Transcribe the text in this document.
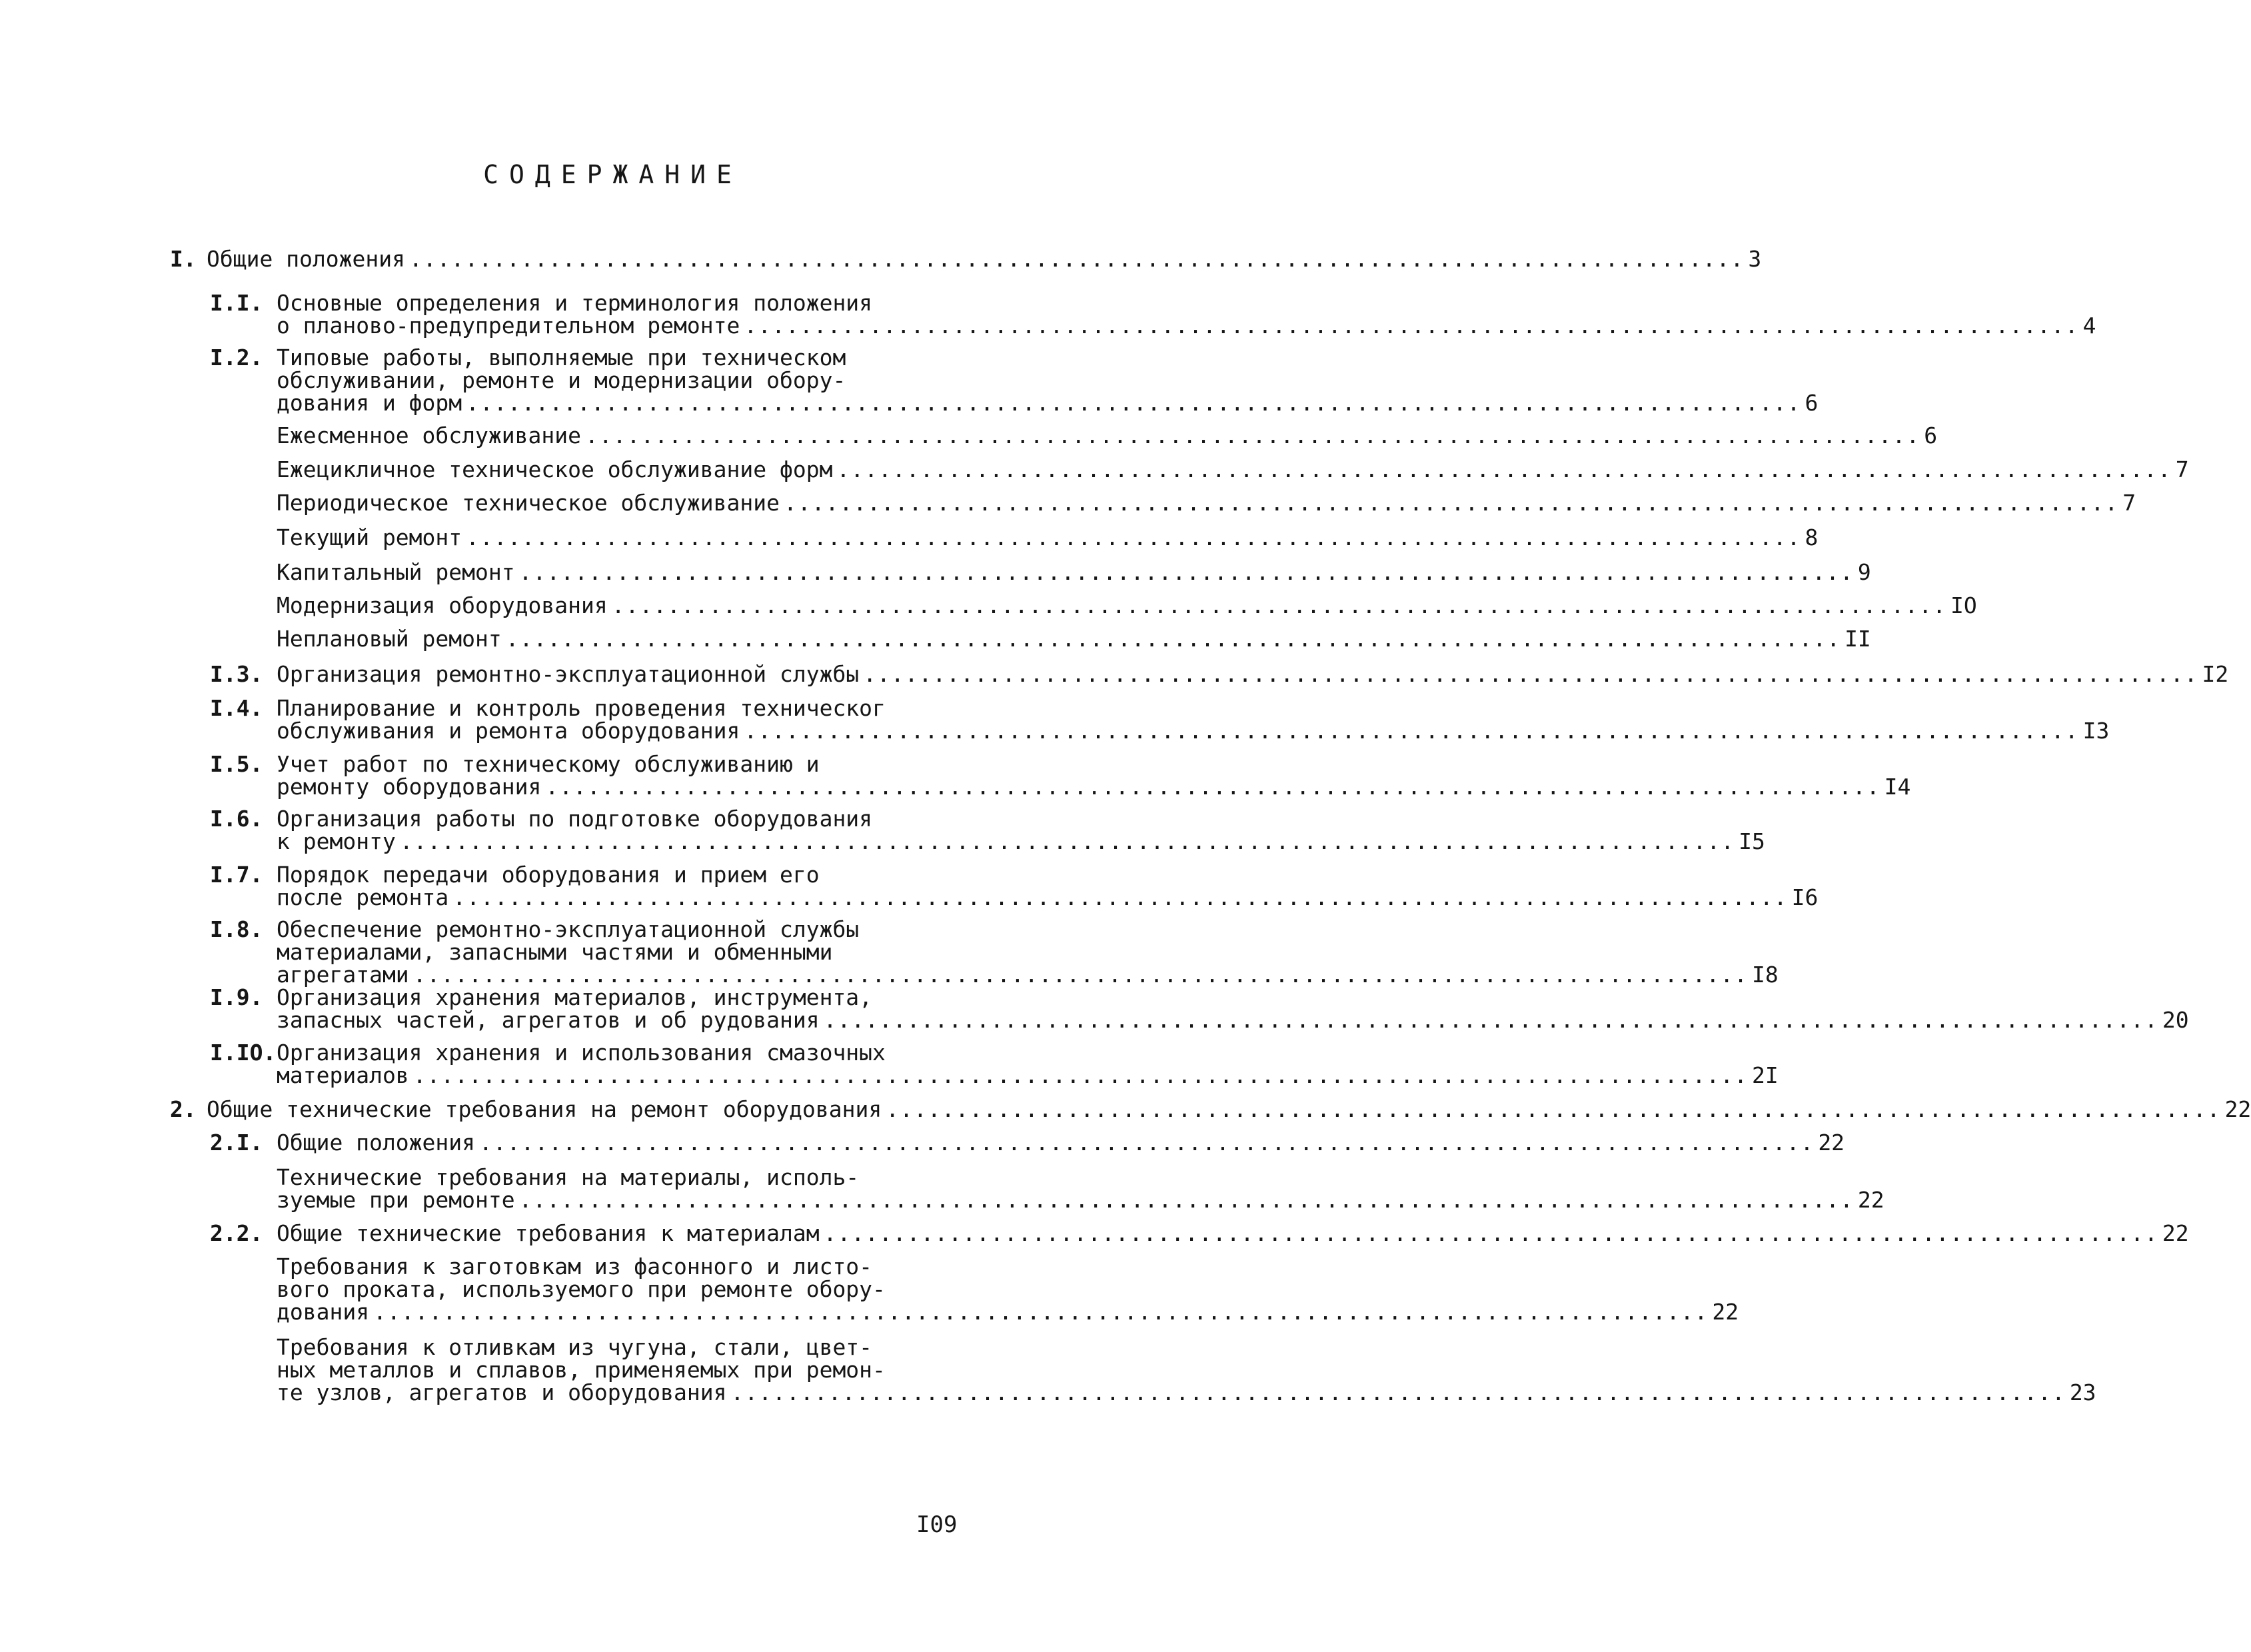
СОДЕРЖАНИЕ
I. Общие положения ................................................................................................ 3
I.I. Основные определения и терминология положения
о планово-предупредительном ремонте ................................................................................................ 4
I.2. Типовые работы, выполняемые при техническом
обслуживании, ремонте и модернизации обору-
дования и форм ................................................................................................ 6
Ежесменное обслуживание ................................................................................................ 6
Ежецикличное техническое обслуживание форм ................................................................................................ 7
Периодическое техническое обслуживание ................................................................................................ 7
Текущий ремонт ................................................................................................ 8
Капитальный ремонт ................................................................................................ 9
Модернизация оборудования ................................................................................................ IO
Неплановый ремонт ................................................................................................ II
I.3. Организация ремонтно-эксплуатационной службы ................................................................................................ I2
I.4. Планирование и контроль проведения техническог
обслуживания и ремонта оборудования ................................................................................................ I3
I.5. Учет работ по техническому обслуживанию и
ремонту оборудования ................................................................................................ I4
I.6. Организация работы по подготовке оборудования
к ремонту ................................................................................................ I5
I.7. Порядок передачи оборудования и прием его
после ремонта ................................................................................................ I6
I.8. Обеспечение ремонтно-эксплуатационной службы
материалами, запасными частями и обменными
агрегатами ................................................................................................ I8
I.9. Организация хранения материалов, инструмента,
запасных частей, агрегатов и об рудования ................................................................................................ 20
I.IO. Организация хранения и использования смазочных
материалов ................................................................................................ 2I
2. Общие технические требования на ремонт оборудования ................................................................................................ 22
2.I. Общие положения ................................................................................................ 22
Технические требования на материалы, исполь-
зуемые при ремонте ................................................................................................ 22
2.2. Общие технические требования к материалам ................................................................................................ 22
Требования к заготовкам из фасонного и листо-
вого проката, используемого при ремонте обору-
дования ................................................................................................ 22
Требования к отливкам из чугуна, стали, цвет-
ных металлов и сплавов, применяемых при ремон-
те узлов, агрегатов и оборудования ................................................................................................ 23
I09
